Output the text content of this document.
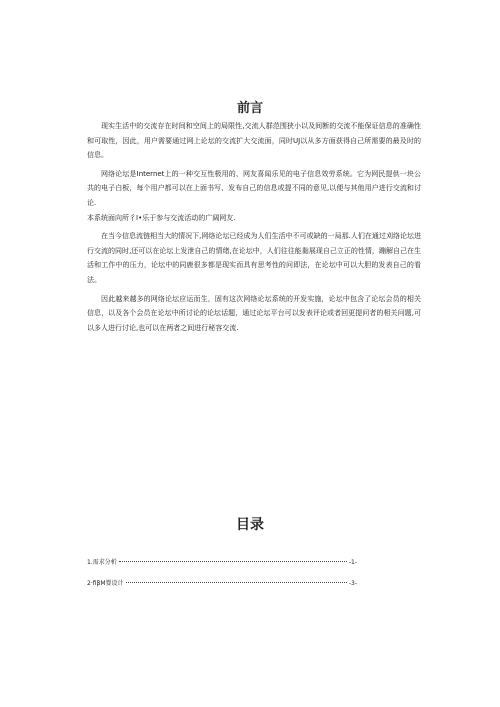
前言

现实生活中的交流存在时间和空间上的局限性,交流人群范围狭小以及间断的交流不能保证信息的准确性和可取性，因此，用户需要通过网上论坛的交流扩大交流面，同时UJ以从多方面获得自己所需要的最及时的信息。

网络论坛是Internet上的一种交互性极用的、网友喜闻乐见的电子信息效劳系统。它为网民提供一块公共的电子白板，每个用户都可以在上面书写、发布自己的信息或提不同的意见,以便与其他用户进行交流和讨论.

本系统面向所彳I•乐于参与交流活动的广阔网友.

在当今信息流链相当大的情况下,网络论坛已经成为人们生活中不可或缺的一局那.人们在通过刈络论坛进行交流的同时,还可以在论坛上发泄自己的情绪,在论坛中，人们往往能黏展现自己立正的性情，蹦解自己在生活和工作中的压力，论坛中的同鹿很多都是现实而具有思考性的问即法，在论坛中可以大胆的发表自己的看法。

因此越来越多的网络论坛应运而生，固有这次网络论坛系统的开发实施，论坛中包含了论坛会员的相关信息，以及各个会员在论坛中所讨论的论坛话题，通过论坛平台可以发表评论或者回更提问者的相关问题,可以多人进行讨论,也可以在两者之间进行秘容交流.

目录
1.需求分析	-1-
2·fiβM婴设计	-3-
